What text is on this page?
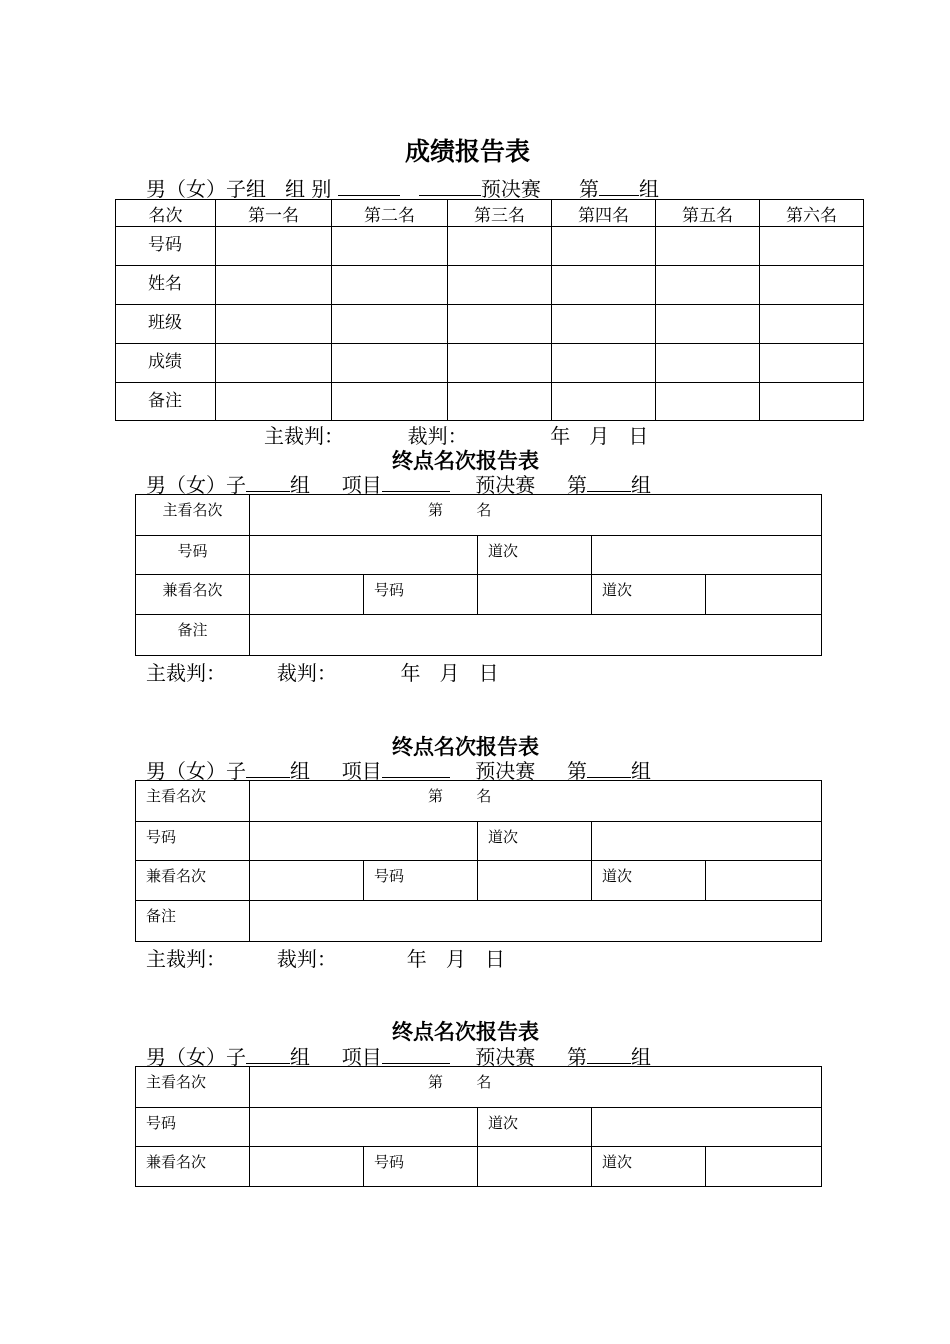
成绩报告表
男（女）子组 组 别	预决赛 第 组
名次	第一名	第二名	第三名	第四名	第五名	第六名
号码						
姓名						
班级						
成绩						
备注						
主裁判：	裁判：	年   月   日
终点名次报告表
男（女）子 组 项目	预决赛 第 组
主看名次	第 名				
号码			道次		
兼看名次		号码		道次	
备注					
主裁判：	裁判：	年   月   日
终点名次报告表
男（女）子 组 项目	预决赛 第 组
主看名次	第 名				
号码			道次		
兼看名次		号码		道次	
备注					
主裁判：	裁判：	年   月   日
终点名次报告表
男（女）子 组 项目	预决赛 第 组
主看名次	第 名				
号码			道次		
兼看名次		号码		道次	
